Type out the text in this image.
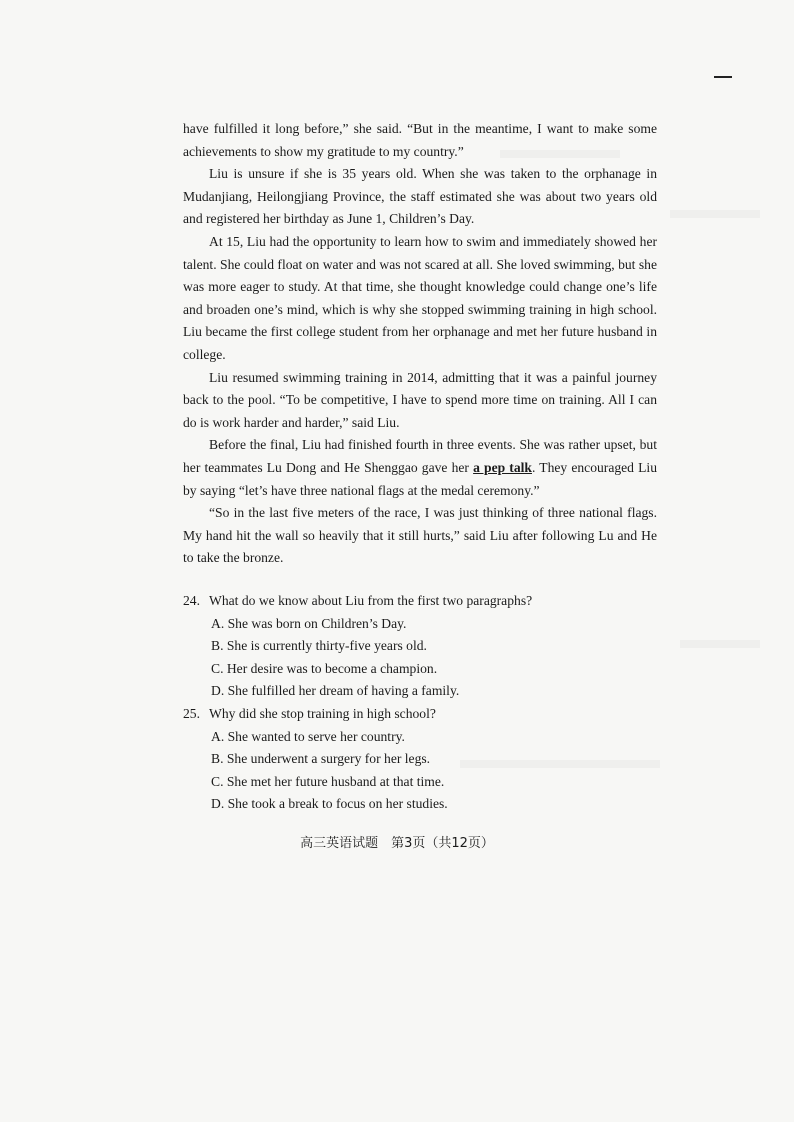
have fulfilled it long before,” she said. “But in the meantime, I want to make some achievements to show my gratitude to my country.”

Liu is unsure if she is 35 years old. When she was taken to the orphanage in Mudanjiang, Heilongjiang Province, the staff estimated she was about two years old and registered her birthday as June 1, Children’s Day.

At 15, Liu had the opportunity to learn how to swim and immediately showed her talent. She could float on water and was not scared at all. She loved swimming, but she was more eager to study. At that time, she thought knowledge could change one’s life and broaden one’s mind, which is why she stopped swimming training in high school. Liu became the first college student from her orphanage and met her future husband in college.

Liu resumed swimming training in 2014, admitting that it was a painful journey back to the pool. “To be competitive, I have to spend more time on training. All I can do is work harder and harder,” said Liu.

Before the final, Liu had finished fourth in three events. She was rather upset, but her teammates Lu Dong and He Shenggao gave her a pep talk. They encouraged Liu by saying “let’s have three national flags at the medal ceremony.”

“So in the last five meters of the race, I was just thinking of three national flags. My hand hit the wall so heavily that it still hurts,” said Liu after following Lu and He to take the bronze.

24. What do we know about Liu from the first two paragraphs?

A. She was born on Children’s Day.

B. She is currently thirty-five years old.

C. Her desire was to become a champion.

D. She fulfilled her dream of having a family.

25. Why did she stop training in high school?

A. She wanted to serve her country.

B. She underwent a surgery for her legs.

C. She met her future husband at that time.

D. She took a break to focus on her studies.

高三英语试题　第3页（共12页）
